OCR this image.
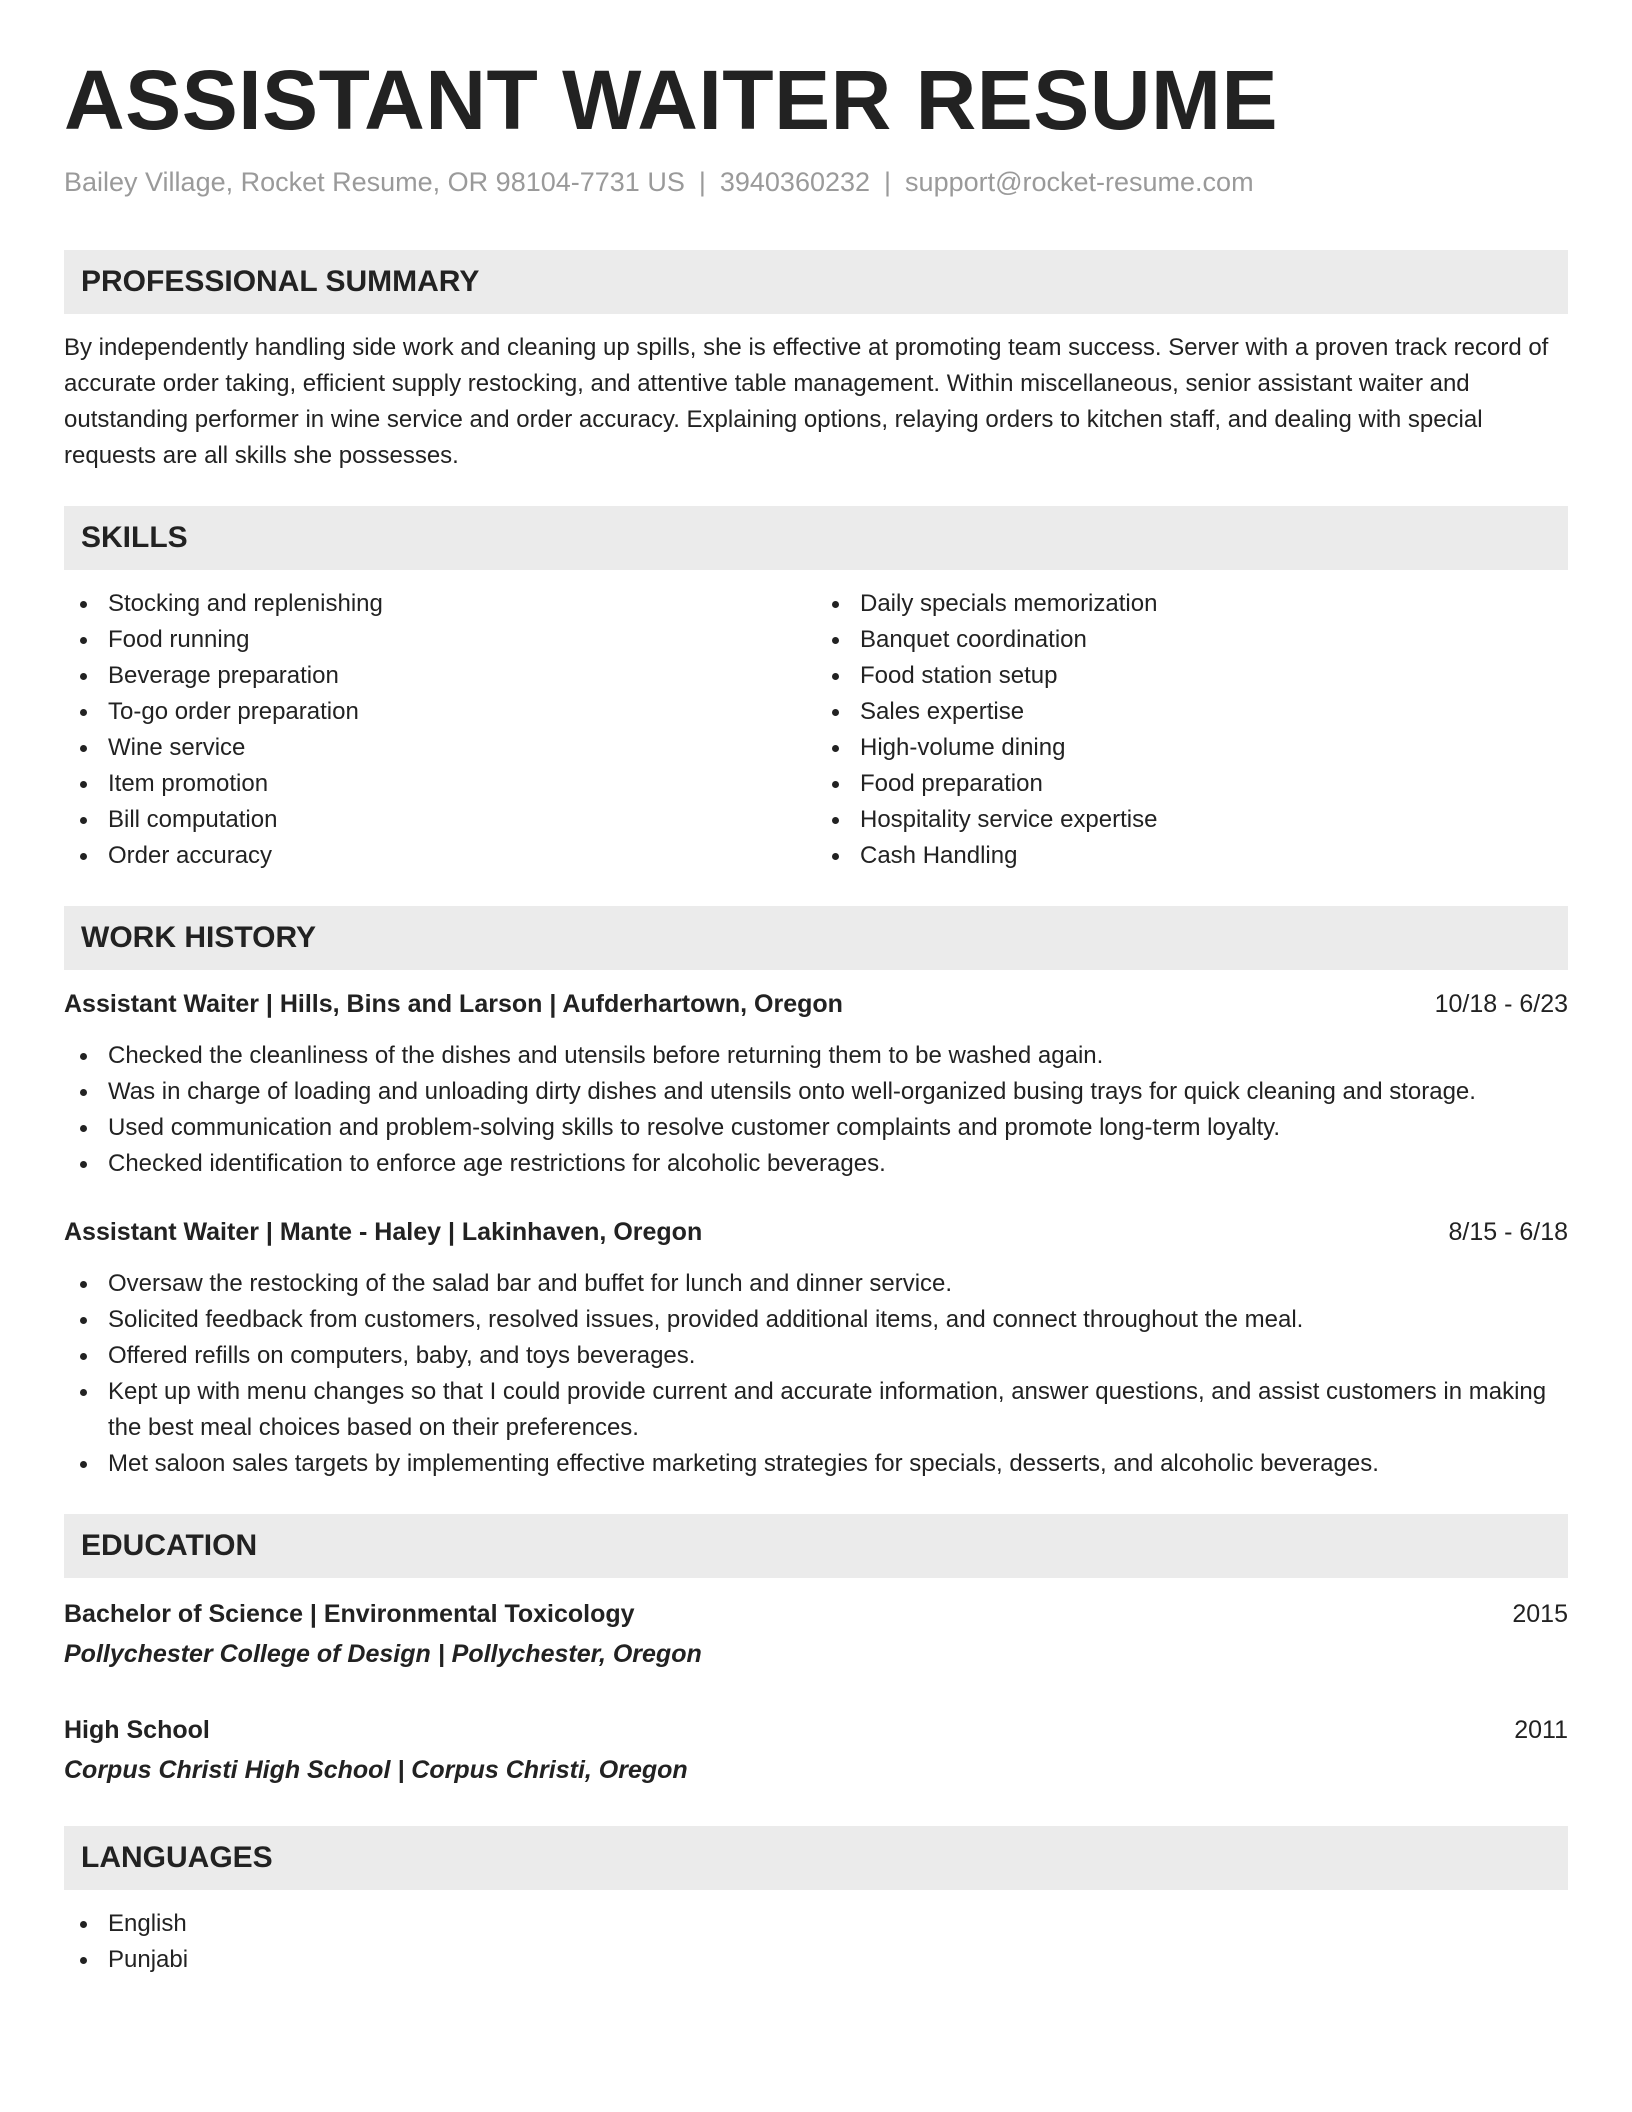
ASSISTANT WAITER RESUME
Bailey Village, Rocket Resume, OR 98104-7731 US | 3940360232 | support@rocket-resume.com
PROFESSIONAL SUMMARY

By independently handling side work and cleaning up spills, she is effective at promoting team success. Server with a proven track record of accurate order taking, efficient supply restocking, and attentive table management. Within miscellaneous, senior assistant waiter and outstanding performer in wine service and order accuracy. Explaining options, relaying orders to kitchen staff, and dealing with special requests are all skills she possesses.

SKILLS
Stocking and replenishing
Food running
Beverage preparation
To-go order preparation
Wine service
Item promotion
Bill computation
Order accuracy
Daily specials memorization
Banquet coordination
Food station setup
Sales expertise
High-volume dining
Food preparation
Hospitality service expertise
Cash Handling
WORK HISTORY
Assistant Waiter | Hills, Bins and Larson | Aufderhartown, Oregon	10/18 - 6/23
Checked the cleanliness of the dishes and utensils before returning them to be washed again.
Was in charge of loading and unloading dirty dishes and utensils onto well-organized busing trays for quick cleaning and storage.
Used communication and problem-solving skills to resolve customer complaints and promote long-term loyalty.
Checked identification to enforce age restrictions for alcoholic beverages.
Assistant Waiter | Mante - Haley | Lakinhaven, Oregon	8/15 - 6/18
Oversaw the restocking of the salad bar and buffet for lunch and dinner service.
Solicited feedback from customers, resolved issues, provided additional items, and connect throughout the meal.
Offered refills on computers, baby, and toys beverages.
Kept up with menu changes so that I could provide current and accurate information, answer questions, and assist customers in making the best meal choices based on their preferences.
Met saloon sales targets by implementing effective marketing strategies for specials, desserts, and alcoholic beverages.
EDUCATION
Bachelor of Science | Environmental Toxicology	2015
Pollychester College of Design | Pollychester, Oregon
High School	2011
Corpus Christi High School | Corpus Christi, Oregon
LANGUAGES
English
Punjabi
